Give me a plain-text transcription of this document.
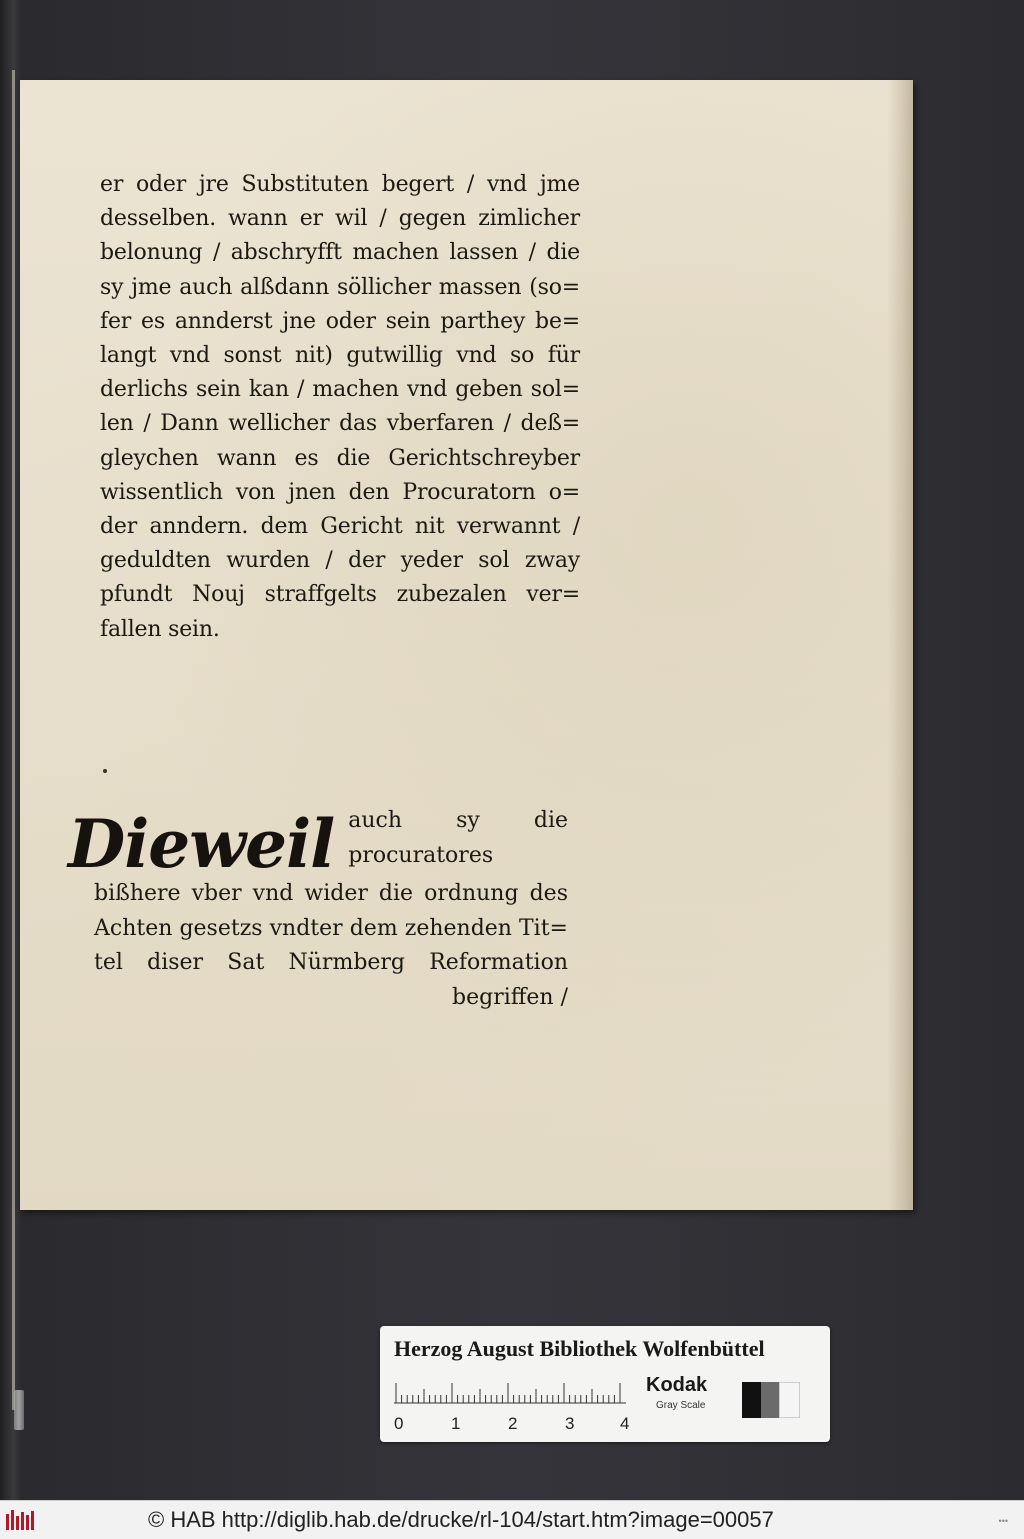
er oder jre Substituten begert / vnd jme
desselben. wann er wil / gegen zimlicher
belonung / abschryfft machen lassen / die
sy jme auch alßdann söllicher massen (so=
fer es annderst jne oder sein parthey be=
langt vnd sonst nit) gutwillig vnd so für
derlichs sein kan / machen vnd geben sol=
len / Dann wellicher das vberfaren / deß=
gleychen wann es die Gerichtschreyber
wissentlich von jnen den Procuratorn o=
der anndern. dem Gericht nit verwannt /
geduldten wurden / der yeder sol zway
pfundt Nouj straffgelts zubezalen ver=
fallen sein.
Dieweil auch sy die procuratores
bißhere vber vnd wider die ordnung des
Achten gesetzs vndter dem zehenden Tit=
tel diser Sat Nürmberg Reformation
begriffen /
Herzog August Bibliothek Wolfenbüttel
0	1	2	3	4
Kodak
Gray Scale
© HAB http://diglib.hab.de/drucke/rl-104/start.htm?image=00057	•••
